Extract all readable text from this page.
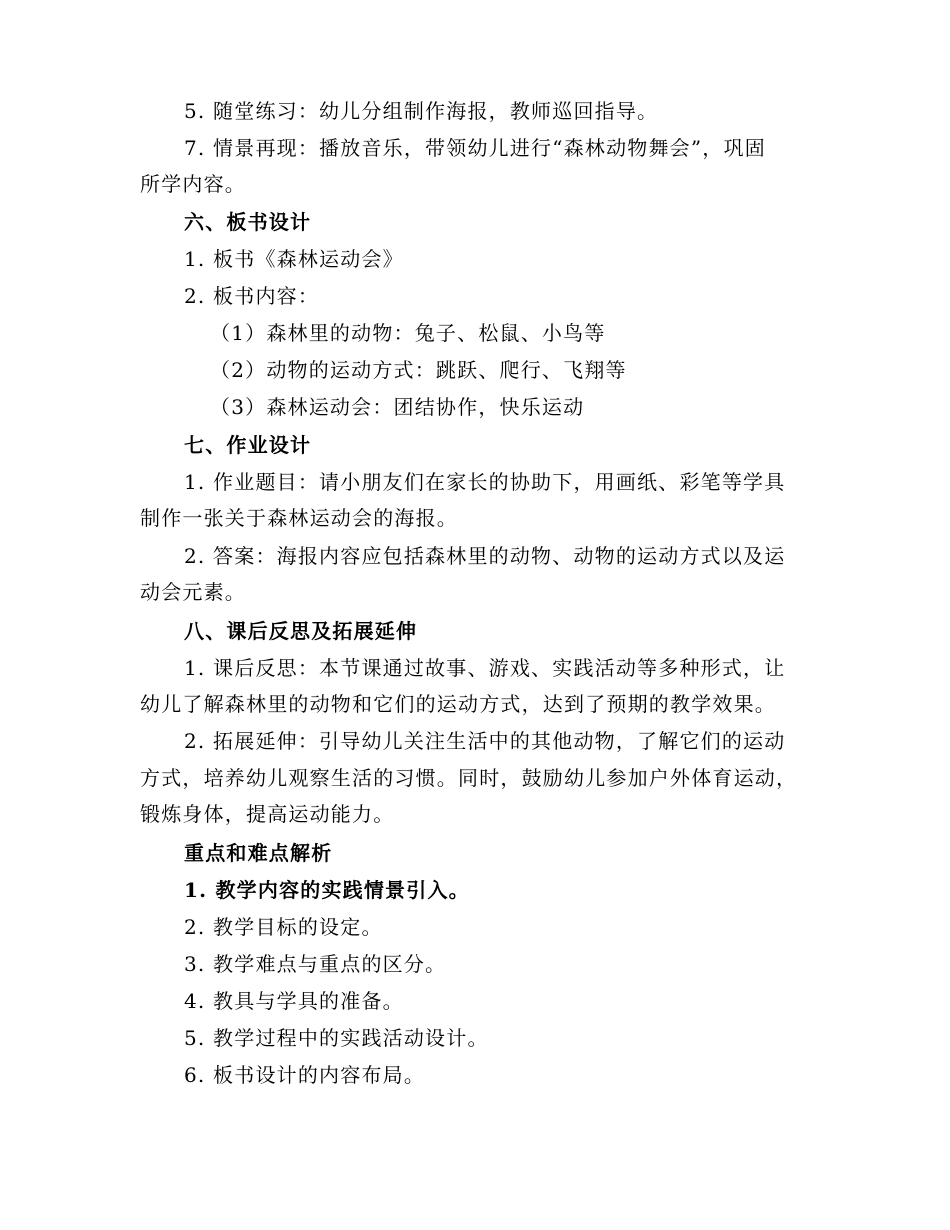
5. 随堂练习：幼儿分组制作海报，教师巡回指导。
7. 情景再现：播放音乐，带领幼儿进行“森林动物舞会”，巩固
所学内容。
六、板书设计
1. 板书《森林运动会》
2. 板书内容：
（1）森林里的动物：兔子、松鼠、小鸟等
（2）动物的运动方式：跳跃、爬行、飞翔等
（3）森林运动会：团结协作，快乐运动
七、作业设计
1. 作业题目：请小朋友们在家长的协助下，用画纸、彩笔等学具
制作一张关于森林运动会的海报。
2. 答案：海报内容应包括森林里的动物、动物的运动方式以及运
动会元素。
八、课后反思及拓展延伸
1. 课后反思：本节课通过故事、游戏、实践活动等多种形式，让
幼儿了解森林里的动物和它们的运动方式，达到了预期的教学效果。
2. 拓展延伸：引导幼儿关注生活中的其他动物，了解它们的运动
方式，培养幼儿观察生活的习惯。同时，鼓励幼儿参加户外体育运动，
锻炼身体，提高运动能力。
重点和难点解析
1. 教学内容的实践情景引入。
2. 教学目标的设定。
3. 教学难点与重点的区分。
4. 教具与学具的准备。
5. 教学过程中的实践活动设计。
6. 板书设计的内容布局。
